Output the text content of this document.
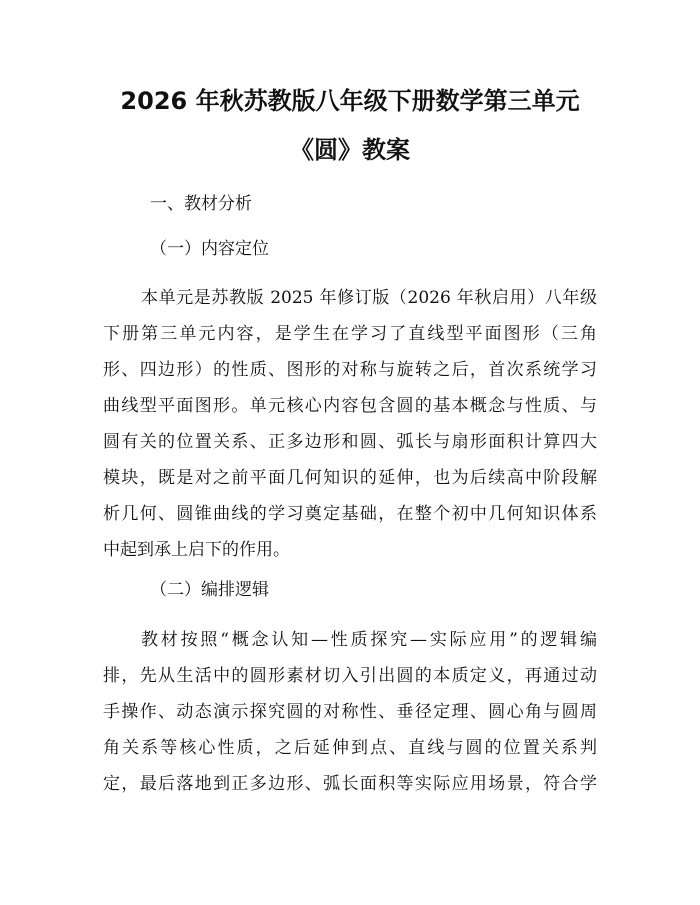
2026 年秋苏教版八年级下册数学第三单元
《圆》教案
一、教材分析
（一）内容定位
本单元是苏教版 2025 年修订版（2026 年秋启用）八年级
下册第三单元内容，是学生在学习了直线型平面图形（三角
形、四边形）的性质、图形的对称与旋转之后，首次系统学习
曲线型平面图形。单元核心内容包含圆的基本概念与性质、与
圆有关的位置关系、正多边形和圆、弧长与扇形面积计算四大
模块，既是对之前平面几何知识的延伸，也为后续高中阶段解
析几何、圆锥曲线的学习奠定基础，在整个初中几何知识体系
中起到承上启下的作用。
（二）编排逻辑
教材按照“概念认知—性质探究—实际应用”的逻辑编
排，先从生活中的圆形素材切入引出圆的本质定义，再通过动
手操作、动态演示探究圆的对称性、垂径定理、圆心角与圆周
角关系等核心性质，之后延伸到点、直线与圆的位置关系判
定，最后落地到正多边形、弧长面积等实际应用场景，符合学
